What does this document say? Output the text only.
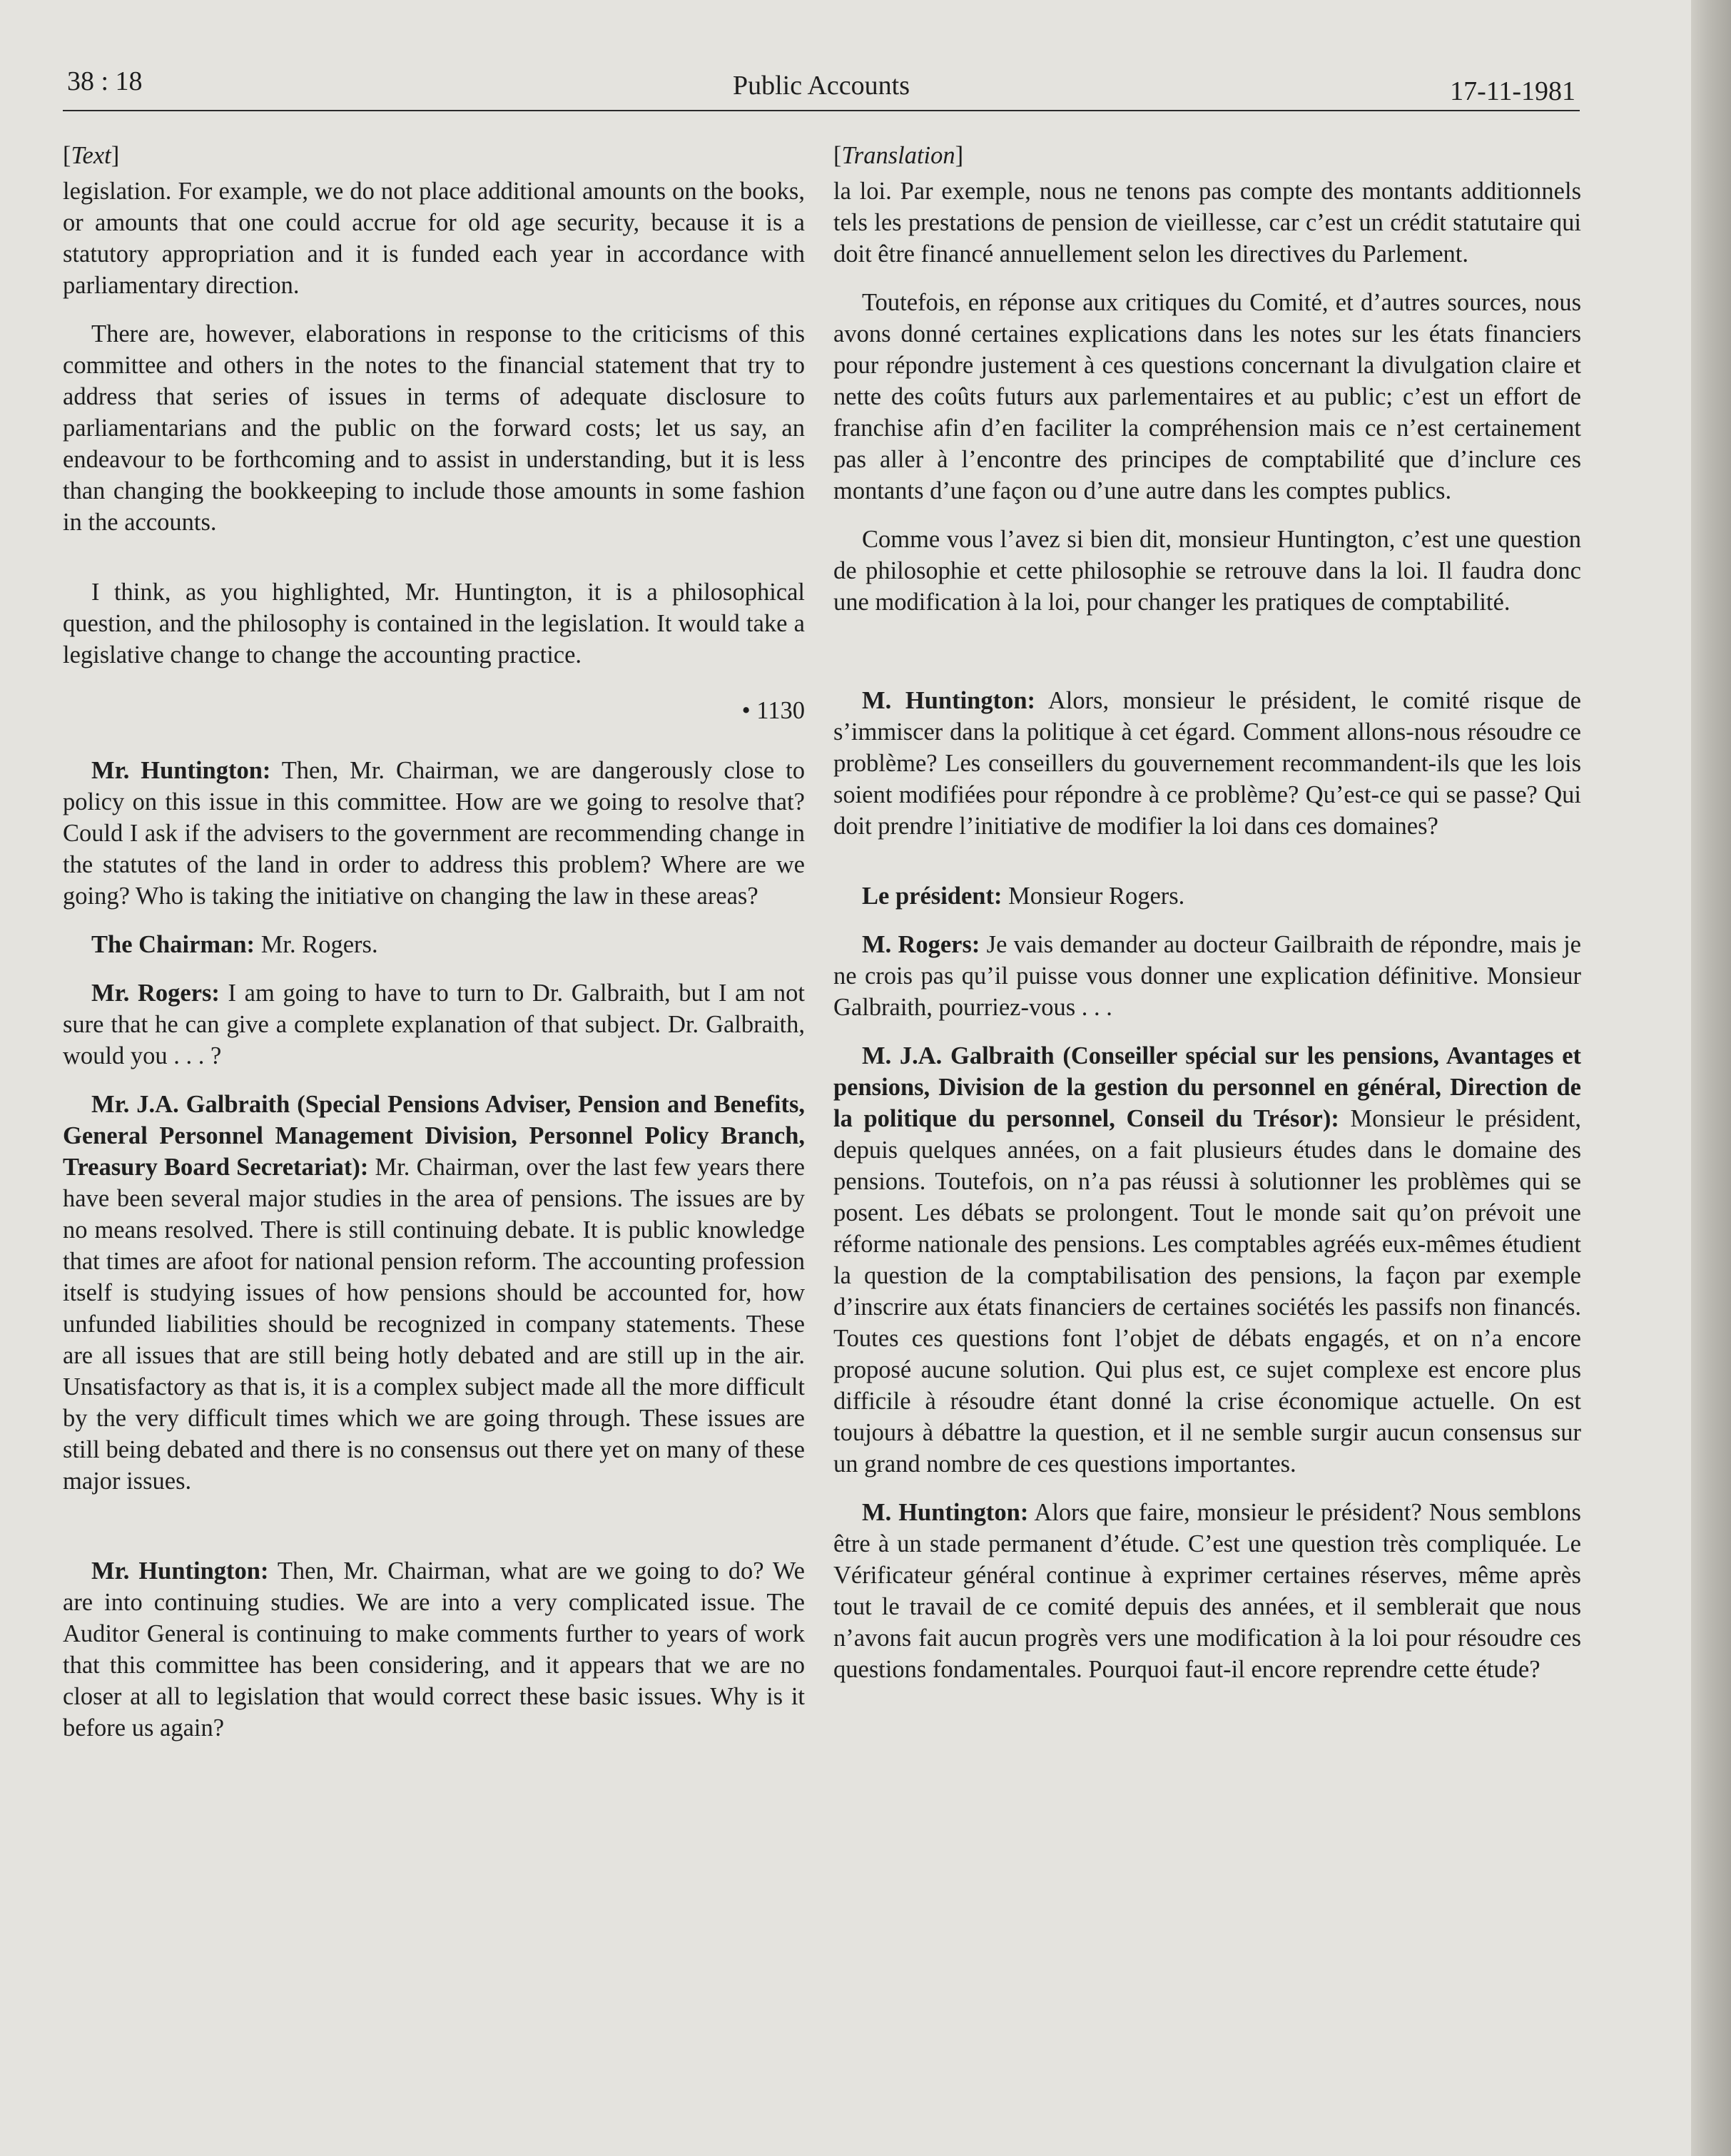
38 : 18	Public Accounts	17-11-1981
[Text]

legislation. For example, we do not place additional amounts on the books, or amounts that one could accrue for old age security, because it is a statutory appropriation and it is funded each year in accordance with parliamentary direction.

There are, however, elaborations in response to the criticisms of this committee and others in the notes to the financial statement that try to address that series of issues in terms of adequate disclosure to parliamentarians and the public on the forward costs; let us say, an endeavour to be forthcoming and to assist in understanding, but it is less than changing the bookkeeping to include those amounts in some fashion in the accounts.

I think, as you highlighted, Mr. Huntington, it is a philosophical question, and the philosophy is contained in the legislation. It would take a legislative change to change the accounting practice.

• 1130

Mr. Huntington: Then, Mr. Chairman, we are dangerously close to policy on this issue in this committee. How are we going to resolve that? Could I ask if the advisers to the government are recommending change in the statutes of the land in order to address this problem? Where are we going? Who is taking the initiative on changing the law in these areas?

The Chairman: Mr. Rogers.

Mr. Rogers: I am going to have to turn to Dr. Galbraith, but I am not sure that he can give a complete explanation of that subject. Dr. Galbraith, would you . . . ?

Mr. J.A. Galbraith (Special Pensions Adviser, Pension and Benefits, General Personnel Management Division, Personnel Policy Branch, Treasury Board Secretariat): Mr. Chairman, over the last few years there have been several major studies in the area of pensions. The issues are by no means resolved. There is still continuing debate. It is public knowledge that times are afoot for national pension reform. The accounting profession itself is studying issues of how pensions should be accounted for, how unfunded liabilities should be recognized in company statements. These are all issues that are still being hotly debated and are still up in the air. Unsatisfactory as that is, it is a complex subject made all the more difficult by the very difficult times which we are going through. These issues are still being debated and there is no consensus out there yet on many of these major issues.

Mr. Huntington: Then, Mr. Chairman, what are we going to do? We are into continuing studies. We are into a very complicated issue. The Auditor General is continuing to make comments further to years of work that this committee has been considering, and it appears that we are no closer at all to legislation that would correct these basic issues. Why is it before us again?

[Translation]

la loi. Par exemple, nous ne tenons pas compte des montants additionnels tels les prestations de pension de vieillesse, car c’est un crédit statutaire qui doit être financé annuellement selon les directives du Parlement.

Toutefois, en réponse aux critiques du Comité, et d’autres sources, nous avons donné certaines explications dans les notes sur les états financiers pour répondre justement à ces questions concernant la divulgation claire et nette des coûts futurs aux parlementaires et au public; c’est un effort de franchise afin d’en faciliter la compréhension mais ce n’est certainement pas aller à l’encontre des principes de comptabilité que d’inclure ces montants d’une façon ou d’une autre dans les comptes publics.

Comme vous l’avez si bien dit, monsieur Huntington, c’est une question de philosophie et cette philosophie se retrouve dans la loi. Il faudra donc une modification à la loi, pour changer les pratiques de comptabilité.

M. Huntington: Alors, monsieur le président, le comité risque de s’immiscer dans la politique à cet égard. Comment allons-nous résoudre ce problème? Les conseillers du gouvernement recommandent-ils que les lois soient modifiées pour répondre à ce problème? Qu’est-ce qui se passe? Qui doit prendre l’initiative de modifier la loi dans ces domaines?

Le président: Monsieur Rogers.

M. Rogers: Je vais demander au docteur Gailbraith de répondre, mais je ne crois pas qu’il puisse vous donner une explication définitive. Monsieur Galbraith, pourriez-vous . . .

M. J.A. Galbraith (Conseiller spécial sur les pensions, Avantages et pensions, Division de la gestion du personnel en général, Direction de la politique du personnel, Conseil du Trésor): Monsieur le président, depuis quelques années, on a fait plusieurs études dans le domaine des pensions. Toutefois, on n’a pas réussi à solutionner les problèmes qui se posent. Les débats se prolongent. Tout le monde sait qu’on prévoit une réforme nationale des pensions. Les comptables agréés eux-mêmes étudient la question de la comptabilisation des pensions, la façon par exemple d’inscrire aux états financiers de certaines sociétés les passifs non financés. Toutes ces questions font l’objet de débats engagés, et on n’a encore proposé aucune solution. Qui plus est, ce sujet complexe est encore plus difficile à résoudre étant donné la crise économique actuelle. On est toujours à débattre la question, et il ne semble surgir aucun consensus sur un grand nombre de ces questions importantes.

M. Huntington: Alors que faire, monsieur le président? Nous semblons être à un stade permanent d’étude. C’est une question très compliquée. Le Vérificateur général continue à exprimer certaines réserves, même après tout le travail de ce comité depuis des années, et il semblerait que nous n’avons fait aucun progrès vers une modification à la loi pour résoudre ces questions fondamentales. Pourquoi faut-il encore reprendre cette étude?
